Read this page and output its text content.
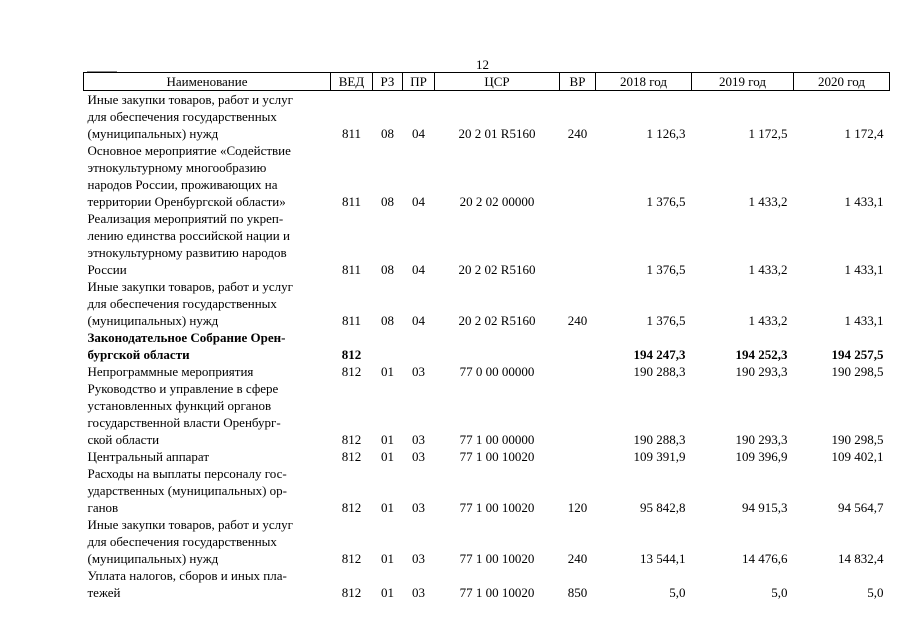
12
Наименование	ВЕД	РЗ	ПР	ЦСР	ВР	2018 год	2019 год	2020 год

Иные закупки товаров, работ и услуг
для обеспечения государственных
(муниципальных) нужд	811	08	04	20 2 01 R5160	240	1 126,3	1 172,5	1 172,4

Основное мероприятие «Содействие
этнокультурному многообразию
народов России, проживающих на
территории Оренбургской области»	811	08	04	20 2 02 00000		1 376,5	1 433,2	1 433,1

Реализация мероприятий по укреп-
лению единства российской нации и
этнокультурному развитию народов
России	811	08	04	20 2 02 R5160		1 376,5	1 433,2	1 433,1

Иные закупки товаров, работ и услуг
для обеспечения государственных
(муниципальных) нужд	811	08	04	20 2 02 R5160	240	1 376,5	1 433,2	1 433,1

Законодательное Собрание Орен-
бургской области	812					194 247,3	194 252,3	194 257,5

Непрограммные мероприятия	812	01	03	77 0 00 00000		190 288,3	190 293,3	190 298,5

Руководство и управление в сфере
установленных функций органов
государственной власти Оренбург-
ской области	812	01	03	77 1 00 00000		190 288,3	190 293,3	190 298,5

Центральный аппарат	812	01	03	77 1 00 10020		109 391,9	109 396,9	109 402,1

Расходы на выплаты персоналу гос-
ударственных (муниципальных) ор-
ганов	812	01	03	77 1 00 10020	120	95 842,8	94 915,3	94 564,7

Иные закупки товаров, работ и услуг
для обеспечения государственных
(муниципальных) нужд	812	01	03	77 1 00 10020	240	13 544,1	14 476,6	14 832,4

Уплата налогов, сборов и иных пла-
тежей	812	01	03	77 1 00 10020	850	5,0	5,0	5,0
